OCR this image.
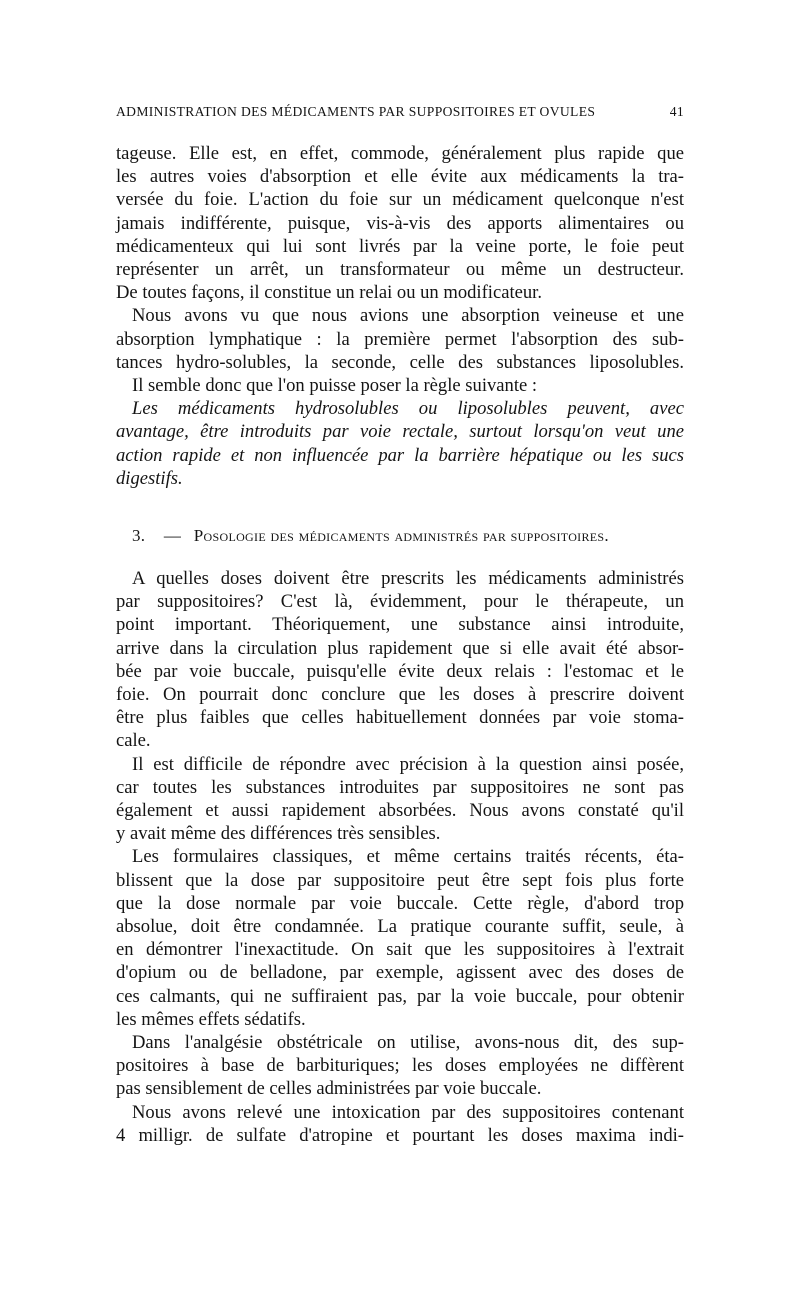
ADMINISTRATION DES MÉDICAMENTS PAR SUPPOSITOIRES ET OVULES	41
tageuse. Elle est, en effet, commode, généralement plus rapide que
les autres voies d'absorption et elle évite aux médicaments la tra-
versée du foie. L'action du foie sur un médicament quelconque n'est
jamais indifférente, puisque, vis-à-vis des apports alimentaires ou
médicamenteux qui lui sont livrés par la veine porte, le foie peut
représenter un arrêt, un transformateur ou même un destructeur.
De toutes façons, il constitue un relai ou un modificateur.
Nous avons vu que nous avions une absorption veineuse et une
absorption lymphatique : la première permet l'absorption des sub-
tances hydro-solubles, la seconde, celle des substances liposolubles.
Il semble donc que l'on puisse poser la règle suivante :
Les médicaments hydrosolubles ou liposolubles peuvent, avec
avantage, être introduits par voie rectale, surtout lorsqu'on veut une
action rapide et non influencée par la barrière hépatique ou les sucs
digestifs.
3. — Posologie des médicaments administrés par suppositoires.
A quelles doses doivent être prescrits les médicaments administrés
par suppositoires? C'est là, évidemment, pour le thérapeute, un
point important. Théoriquement, une substance ainsi introduite,
arrive dans la circulation plus rapidement que si elle avait été absor-
bée par voie buccale, puisqu'elle évite deux relais : l'estomac et le
foie. On pourrait donc conclure que les doses à prescrire doivent
être plus faibles que celles habituellement données par voie stoma-
cale.
Il est difficile de répondre avec précision à la question ainsi posée,
car toutes les substances introduites par suppositoires ne sont pas
également et aussi rapidement absorbées. Nous avons constaté qu'il
y avait même des différences très sensibles.
Les formulaires classiques, et même certains traités récents, éta-
blissent que la dose par suppositoire peut être sept fois plus forte
que la dose normale par voie buccale. Cette règle, d'abord trop
absolue, doit être condamnée. La pratique courante suffit, seule, à
en démontrer l'inexactitude. On sait que les suppositoires à l'extrait
d'opium ou de belladone, par exemple, agissent avec des doses de
ces calmants, qui ne suffiraient pas, par la voie buccale, pour obtenir
les mêmes effets sédatifs.
Dans l'analgésie obstétricale on utilise, avons-nous dit, des sup-
positoires à base de barbituriques; les doses employées ne diffèrent
pas sensiblement de celles administrées par voie buccale.
Nous avons relevé une intoxication par des suppositoires contenant
4 milligr. de sulfate d'atropine et pourtant les doses maxima indi-
